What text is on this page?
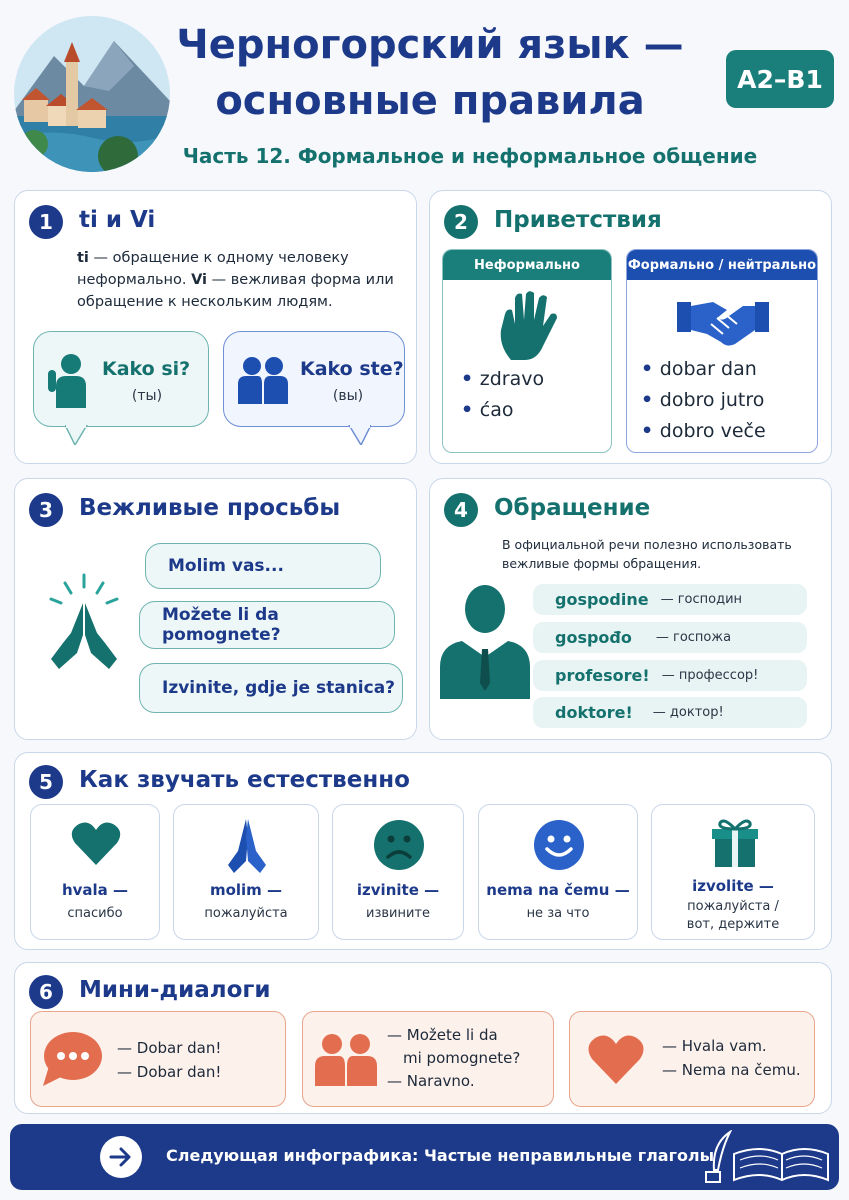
Черногорский язык —
основные правила
Часть 12. Формальное и неформальное общение
A2–B1
1	ti и Vi
ti — обращение к одному человеку неформально. Vi — вежливая форма или обращение к нескольким людям.
Kako si?
(ты)
Kako ste?
(вы)
2	Приветствия
Неформально
• zdravo
• ćao
Формально / нейтрально
• dobar dan
• dobro jutro
• dobro veče
3	Вежливые просьбы
Molim vas...
Možete li da pomognete?
Izvinite, gdje je stanica?
4	Обращение
В официальной речи полезно использовать вежливые формы обращения.
gospodine — господин
gospođo — госпожа
profesore! — профессор!
doktore! — доктор!
5	Как звучать естественно
hvala —
спасибо
molim —
пожалуйста
izvinite —
извините
nema na čemu —
не за что
izvolite —
пожалуйста /
вот, держите
6	Мини-диалоги
— Dobar dan!
— Dobar dan!
— Možete li da
mi pomognete?
— Naravno.
— Hvala vam.
— Nema na čemu.
Следующая инфографика: Частые неправильные глаголы
